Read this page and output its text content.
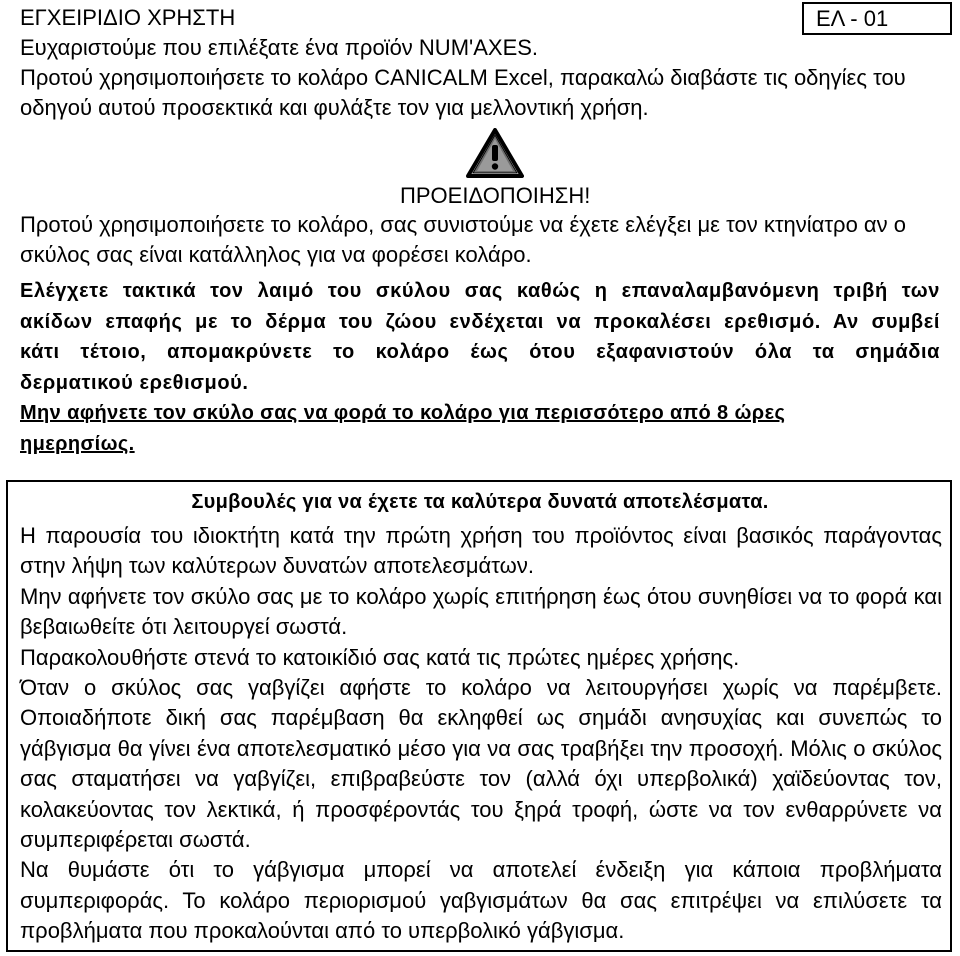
ΕΓΧΕΙΡΙΔΙΟ ΧΡΗΣΤΗ	ΕΛ - 01

Ευχαριστούμε που επιλέξατε ένα προϊόν NUM'AXES.

Προτού χρησιμοποιήσετε το κολάρο CANICALM Excel, παρακαλώ διαβάστε τις οδηγίες του

οδηγού αυτού προσεκτικά και φυλάξτε τον για μελλοντική χρήση.

ΠΡΟΕΙΔΟΠΟΙΗΣΗ!

Προτού χρησιμοποιήσετε το κολάρο, σας συνιστούμε να έχετε ελέγξει με τον κτηνίατρο αν ο

σκύλος σας είναι κατάλληλος για να φορέσει κολάρο.

Ελέγχετε τακτικά τον λαιμό του σκύλου σας καθώς η επαναλαμβανόμενη τριβή των

ακίδων επαφής με το δέρμα του ζώου ενδέχεται να προκαλέσει ερεθισμό. Αν συμβεί

κάτι τέτοιο, απομακρύνετε το κολάρο έως ότου εξαφανιστούν όλα τα σημάδια

δερματικού ερεθισμού.

Μην αφήνετε τον σκύλο σας να φορά το κολάρο για περισσότερο από 8 ώρες
ημερησίως.
Συμβουλές για να έχετε τα καλύτερα δυνατά αποτελέσματα.

Η παρουσία του ιδιοκτήτη κατά την πρώτη χρήση του προϊόντος είναι βασικός παράγοντας στην λήψη των καλύτερων δυνατών αποτελεσμάτων.

Μην αφήνετε τον σκύλο σας με το κολάρο χωρίς επιτήρηση έως ότου συνηθίσει να το φορά και βεβαιωθείτε ότι λειτουργεί σωστά.

Παρακολουθήστε στενά το κατοικίδιό σας κατά τις πρώτες ημέρες χρήσης.

Όταν ο σκύλος σας γαβγίζει αφήστε το κολάρο να λειτουργήσει χωρίς να παρέμβετε. Οποιαδήποτε δική σας παρέμβαση θα εκληφθεί ως σημάδι ανησυχίας και συνεπώς το γάβγισμα θα γίνει ένα αποτελεσματικό μέσο για να σας τραβήξει την προσοχή. Μόλις ο σκύλος σας σταματήσει να γαβγίζει, επιβραβεύστε τον (αλλά όχι υπερβολικά) χαϊδεύοντας τον, κολακεύοντας τον λεκτικά, ή προσφέροντάς του ξηρά τροφή, ώστε να τον ενθαρρύνετε να συμπεριφέρεται σωστά.

Να θυμάστε ότι το γάβγισμα μπορεί να αποτελεί ένδειξη για κάποια προβλήματα συμπεριφοράς. Το κολάρο περιορισμού γαβγισμάτων θα σας επιτρέψει να επιλύσετε τα προβλήματα που προκαλούνται από το υπερβολικό γάβγισμα.
